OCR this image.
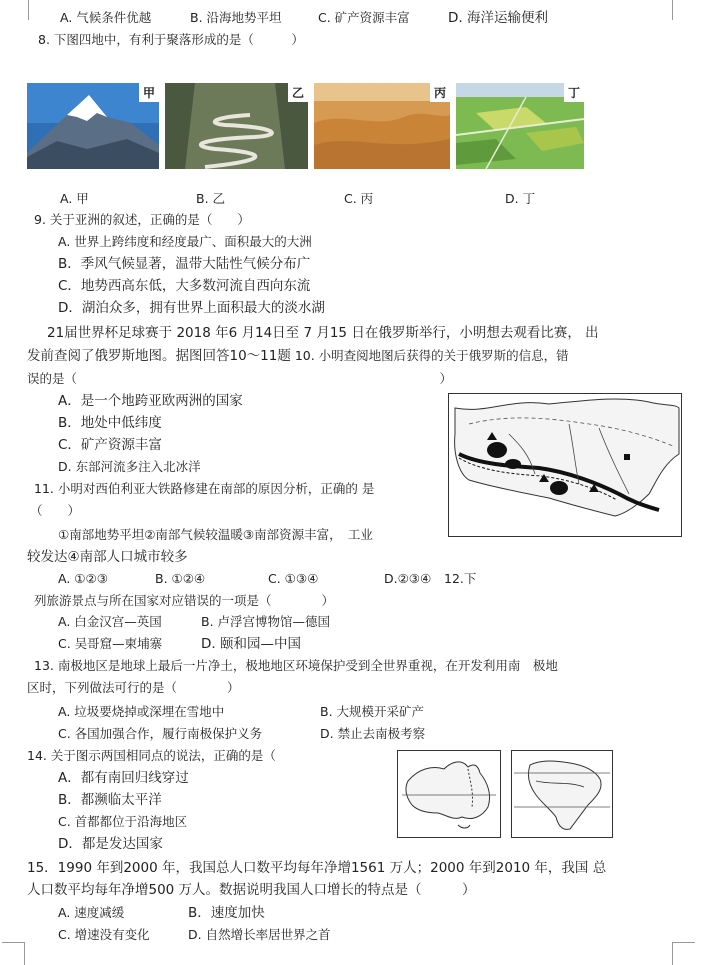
A. 气候条件优越	B. 沿海地势平坦	C. 矿产资源丰富	D. 海洋运输便利
8. 下图四地中，有利于聚落形成的是（　　　）
甲	乙	丙	丁
A. 甲	B. 乙	C. 丙	D. 丁
9. 关于亚洲的叙述，正确的是（　　）
A. 世界上跨纬度和经度最广、面积最大的大洲
B．季风气候显著，温带大陆性气候分布广
C．地势西高东低，大多数河流自西向东流
D．湖泊众多，拥有世界上面积最大的淡水湖
21届世界杯足球赛于 2018 年6 月14日至 7 月15 日在俄罗斯举行，小明想去观看比赛， 出
发前查阅了俄罗斯地图。据图回答10～11题 10. 小明查阅地图后获得的关于俄罗斯的信息，错
误的是（　　　　　　　　　　　　　　　　　　　　　　　　　　　　　）
A．是一个地跨亚欧两洲的国家
B．地处中低纬度
C．矿产资源丰富
D. 东部河流多注入北冰洋
11. 小明对西伯利亚大铁路修建在南部的原因分析，正确的 是
（　　）
①南部地势平坦②南部气候较温暖③南部资源丰富，　工业
较发达④南部人口城市较多
A. ①②③	B. ①②④	C. ①③④	D.②③④ 12.下
列旅游景点与所在国家对应错误的一项是（　　　　）
A. 白金汉宫—英国	B. 卢浮宫博物馆—德国
C. 吴哥窟—柬埔寨	D. 颐和园—中国
13. 南极地区是地球上最后一片净土，极地地区环境保护受到全世界重视，在开发利用南　极地
区时，下列做法可行的是（　　　　）
A. 垃圾要烧掉或深埋在雪地中	B. 大规模开采矿产
C. 各国加强合作，履行南极保护义务	D. 禁止去南极考察
14. 关于图示两国相同点的说法，正确的是（
A．都有南回归线穿过
B．都濒临太平洋
C. 首都都位于沿海地区
D．都是发达国家
15．1990 年到2000 年，我国总人口数平均每年净增1561 万人；2000 年到2010 年，我国 总
人口数平均每年净增500 万人。数据说明我国人口增长的特点是（　　　）
A. 速度减缓	B．速度加快
C. 增速没有变化	D. 自然增长率居世界之首
